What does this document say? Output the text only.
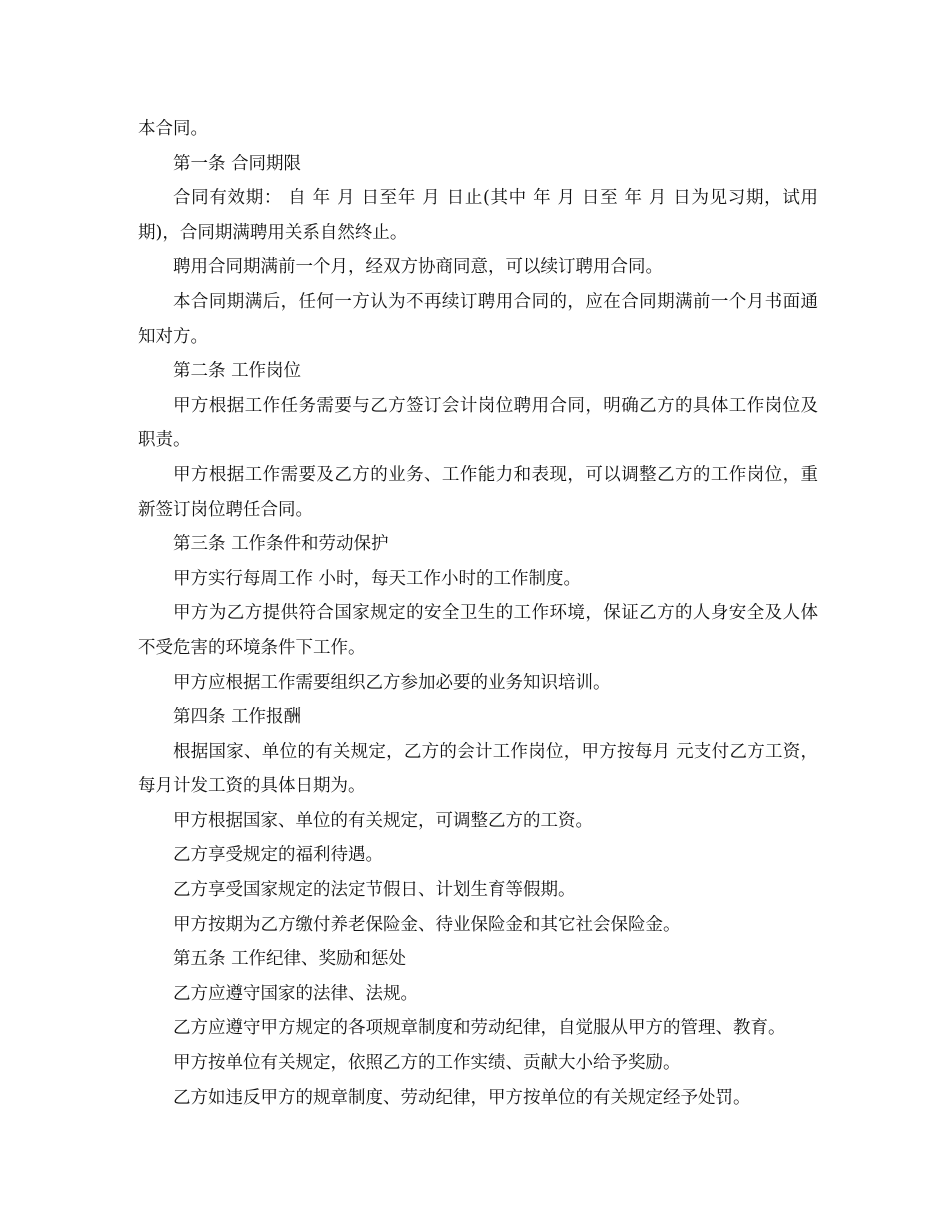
本合同。

第一条 合同期限

合同有效期： 自 年 月 日至年 月 日止(其中 年 月 日至 年 月 日为见习期，试用期)，合同期满聘用关系自然终止。

聘用合同期满前一个月，经双方协商同意，可以续订聘用合同。

本合同期满后，任何一方认为不再续订聘用合同的，应在合同期满前一个月书面通知对方。

第二条 工作岗位

甲方根据工作任务需要与乙方签订会计岗位聘用合同，明确乙方的具体工作岗位及职责。

甲方根据工作需要及乙方的业务、工作能力和表现，可以调整乙方的工作岗位，重新签订岗位聘任合同。

第三条 工作条件和劳动保护

甲方实行每周工作 小时，每天工作小时的工作制度。

甲方为乙方提供符合国家规定的安全卫生的工作环境，保证乙方的人身安全及人体不受危害的环境条件下工作。

甲方应根据工作需要组织乙方参加必要的业务知识培训。

第四条 工作报酬

根据国家、单位的有关规定，乙方的会计工作岗位，甲方按每月 元支付乙方工资，每月计发工资的具体日期为。

甲方根据国家、单位的有关规定，可调整乙方的工资。

乙方享受规定的福利待遇。

乙方享受国家规定的法定节假日、计划生育等假期。

甲方按期为乙方缴付养老保险金、待业保险金和其它社会保险金。

第五条 工作纪律、奖励和惩处

乙方应遵守国家的法律、法规。

乙方应遵守甲方规定的各项规章制度和劳动纪律，自觉服从甲方的管理、教育。

甲方按单位有关规定，依照乙方的工作实绩、贡献大小给予奖励。

乙方如违反甲方的规章制度、劳动纪律，甲方按单位的有关规定经予处罚。
